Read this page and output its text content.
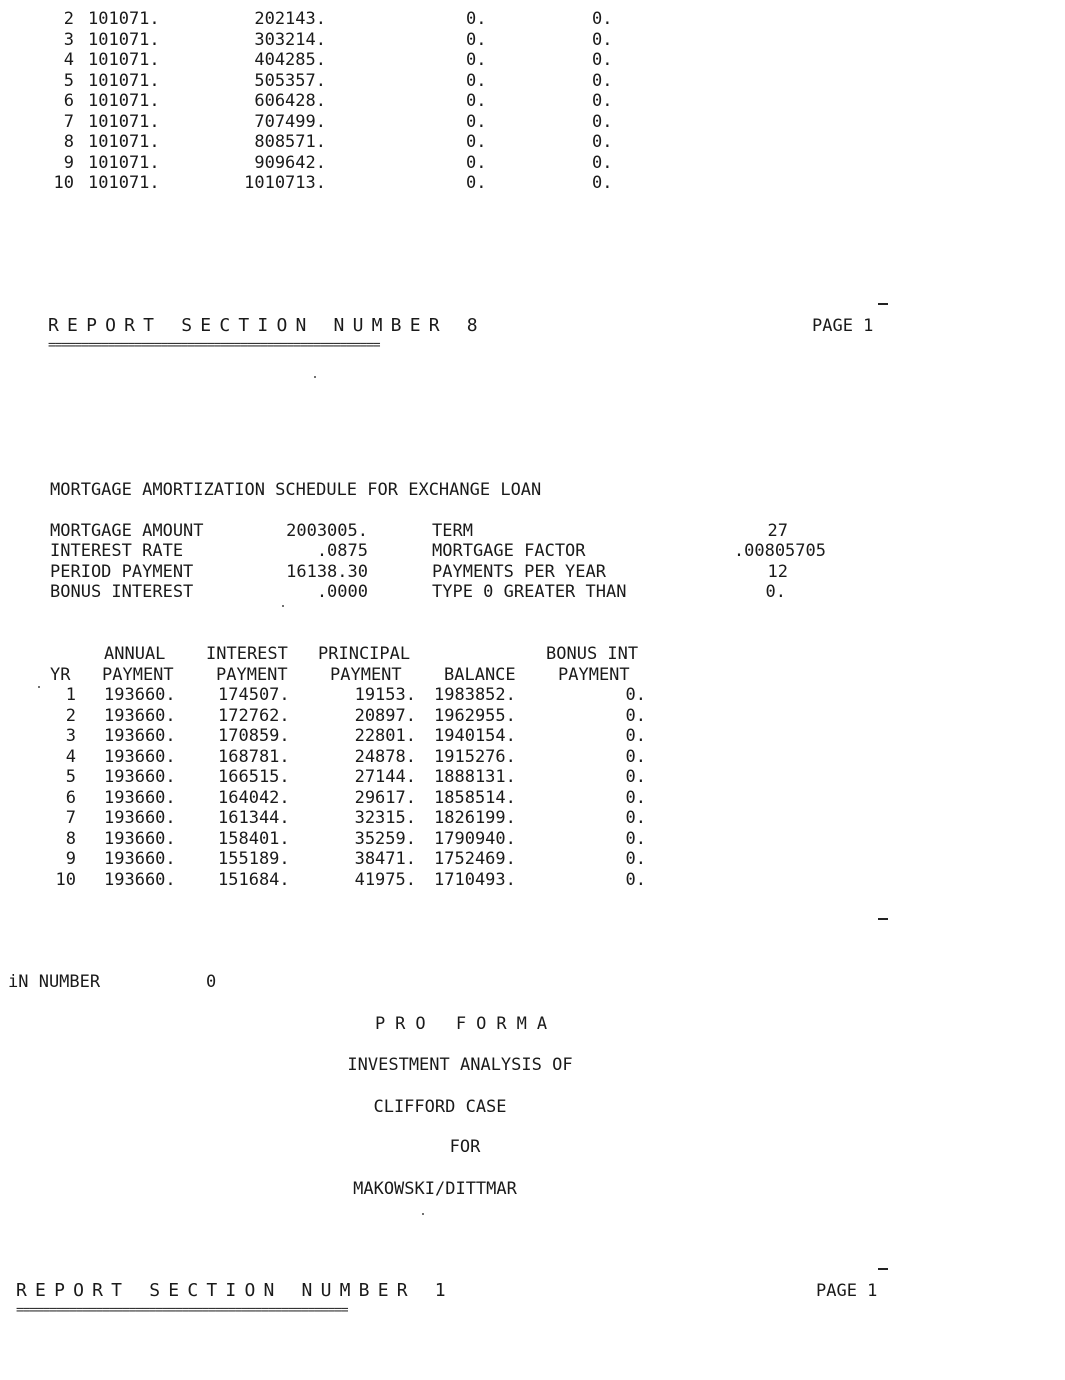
2 101071.	202143.	0.	0.
3 101071.	303214.	0.	0.
4 101071.	404285.	0.	0.
5 101071.	505357.	0.	0.
6 101071.	606428.	0.	0.
7 101071.	707499.	0.	0.
8 101071.	808571.	0.	0.
9 101071.	909642.	0.	0.
10 101071.	1010713.	0.	0.
REPORT SECTION NUMBER 8	PAGE 1
==================================================
MORTGAGE AMORTIZATION SCHEDULE FOR EXCHANGE LOAN
MORTGAGE AMOUNT	2003005.	TERM	27
INTEREST RATE	.0875	MORTGAGE FACTOR	.00805705
PERIOD PAYMENT	16138.30	PAYMENTS PER YEAR	12
BONUS INTEREST	.0000	TYPE 0 GREATER THAN	0.
ANNUAL INTEREST PRINCIPAL	BONUS INT
YR PAYMENT PAYMENT PAYMENT BALANCE PAYMENT
1 193660.	174507.	19153. 1983852.	0.
2 193660.	172762.	20897. 1962955.	0.
3 193660.	170859.	22801. 1940154.	0.
4 193660.	168781.	24878. 1915276.	0.
5 193660.	166515.	27144. 1888131.	0.
6 193660.	164042.	29617. 1858514.	0.
7 193660.	161344.	32315. 1826199.	0.
8 193660.	158401.	35259. 1790940.	0.
9 193660.	155189.	38471. 1752469.	0.
10 193660.	151684.	41975. 1710493.	0.
iN NUMBER	0
PRO FORMA
INVESTMENT ANALYSIS OF
CLIFFORD CASE
FOR
MAKOWSKI/DITTMAR
REPORT SECTION NUMBER 1	PAGE 1
==================================================
